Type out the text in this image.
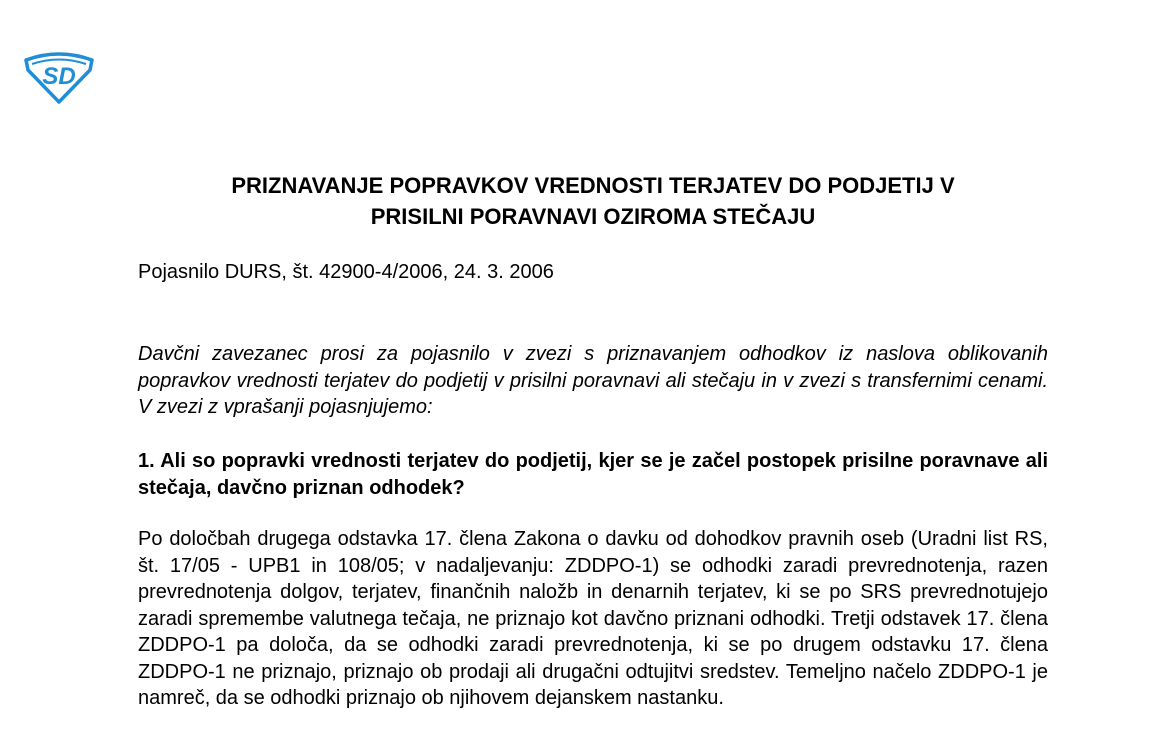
SD
PRIZNAVANJE POPRAVKOV VREDNOSTI TERJATEV DO PODJETIJ V
PRISILNI PORAVNAVI OZIROMA STEČAJU

Pojasnilo DURS, št. 42900-4/2006, 24. 3. 2006

Davčni zavezanec prosi za pojasnilo v zvezi s priznavanjem odhodkov iz naslova oblikovanih popravkov vrednosti terjatev do podjetij v prisilni poravnavi ali stečaju in v zvezi s transfernimi cenami. V zvezi z vprašanji pojasnjujemo:

1. Ali so popravki vrednosti terjatev do podjetij, kjer se je začel postopek prisilne poravnave ali stečaja, davčno priznan odhodek?

Po določbah drugega odstavka 17. člena Zakona o davku od dohodkov pravnih oseb (Uradni list RS, št. 17/05 - UPB1 in 108/05; v nadaljevanju: ZDDPO-1) se odhodki zaradi prevrednotenja, razen prevrednotenja dolgov, terjatev, finančnih naložb in denarnih terjatev, ki se po SRS prevrednotujejo zaradi spremembe valutnega tečaja, ne priznajo kot davčno priznani odhodki. Tretji odstavek 17. člena ZDDPO-1 pa določa, da se odhodki zaradi prevrednotenja, ki se po drugem odstavku 17. člena ZDDPO-1 ne priznajo, priznajo ob prodaji ali drugačni odtujitvi sredstev. Temeljno načelo ZDDPO-1 je namreč, da se odhodki priznajo ob njihovem dejanskem nastanku.
